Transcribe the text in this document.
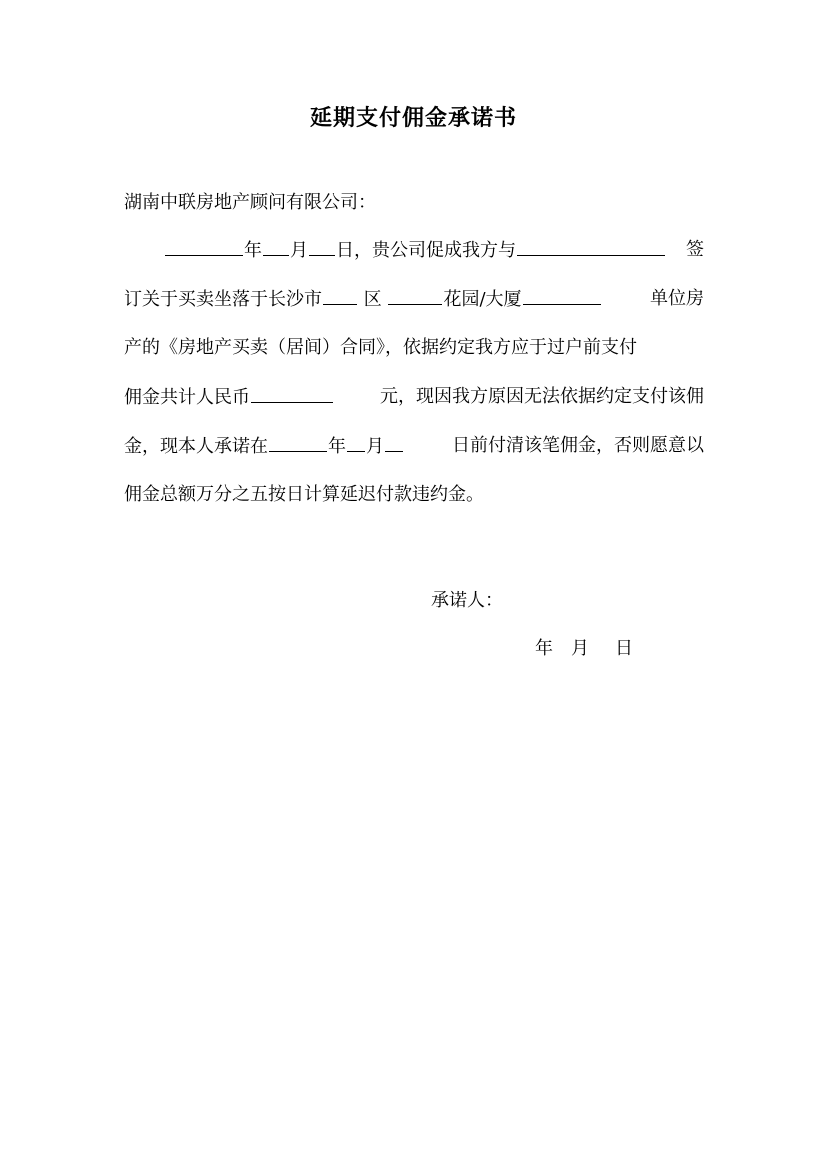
延期支付佣金承诺书
湖南中联房地产顾问有限公司：
年 月 日，贵公司促成我方与	签
订关于买卖坐落于长沙市 区	花园/大厦	单位房
产的《房地产买卖（居间）合同》，依据约定我方应于过户前支付
佣金共计人民币	元，现因我方原因无法依据约定支付该佣
金，现本人承诺在	年 月	日前付清该笔佣金，否则愿意以
佣金总额万分之五按日计算延迟付款违约金。
承诺人：
年 月 日
